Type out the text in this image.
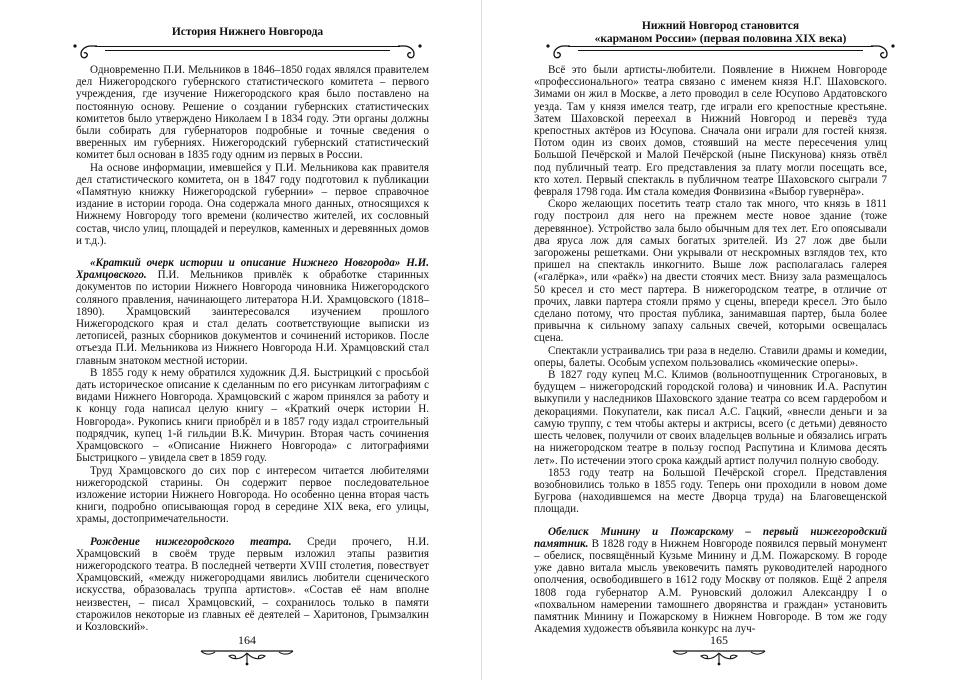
История Нижнего Новгорода

Одновременно П.И. Мельников в 1846–1850 годах являлся правителем дел Нижегородского губернского статистического комитета – первого учреждения, где изучение Нижегородского края было поставлено на постоянную основу. Решение о создании губернских статистических комитетов было утверждено Николаем I в 1834 году. Эти органы должны были собирать для губернаторов подробные и точные сведения о вверенных им губерниях. Нижегородский губернский статистический комитет был основан в 1835 году одним из первых в России.

На основе информации, имевшейся у П.И. Мельникова как правителя дел статистического комитета, он в 1847 году подготовил к публикации «Памятную книжку Нижегородской губернии» – первое справочное издание в истории города. Она содержала много данных, относящихся к Нижнему Новгороду того времени (количество жителей, их сословный состав, число улиц, площадей и переулков, каменных и деревянных домов и т.д.).

«Краткий очерк истории и описание Нижнего Новгорода» Н.И. Храмцовского. П.И. Мельников привлёк к обработке старинных документов по истории Нижнего Новгорода чиновника Нижегородского соляного правления, начинающего литератора Н.И. Храмцовского (1818–1890). Храмцовский заинтересовался изучением прошлого Нижегородского края и стал делать соответствующие выписки из летописей, разных сборников документов и сочинений историков. После отъезда П.И. Мельникова из Нижнего Новгорода Н.И. Храмцовский стал главным знатоком местной истории.

В 1855 году к нему обратился художник Д.Я. Быстрицкий с просьбой дать историческое описание к сделанным по его рисункам литографиям с видами Нижнего Новгорода. Храмцовский с жаром принялся за работу и к концу года написал целую книгу – «Краткий очерк истории Н. Новгорода». Рукопись книги приобрёл и в 1857 году издал строительный подрядчик, купец 1-й гильдии В.К. Мичурин. Вторая часть сочинения Храмцовского – «Описание Нижнего Новгорода» с литографиями Быстрицкого – увидела свет в 1859 году.

Труд Храмцовского до сих пор с интересом читается любителями нижегородской старины. Он содержит первое последовательное изложение истории Нижнего Новгорода. Но особенно ценна вторая часть книги, подробно описывающая город в середине XIX века, его улицы, храмы, достопримечательности.

Рождение нижегородского театра. Среди прочего, Н.И. Храмцовский в своём труде первым изложил этапы развития нижегородского театра. В последней четверти XVIII столетия, повествует Храмцовский, «между нижегородцами явились любители сценического искусства, образовалась труппа артистов». «Состав её нам вполне неизвестен, – писал Храмцовский, – сохранилось только в памяти старожилов некоторые из главных её деятелей – Харитонов, Грымзалкин и Козловский».

164
Нижний Новгород становится
«карманом России» (первая половина XIX века)

Всё это были артисты-любители. Появление в Нижнем Новгороде «профессионального» театра связано с именем князя Н.Г. Шаховского. Зимами он жил в Москве, а лето проводил в селе Юсупово Ардатовского уезда. Там у князя имелся театр, где играли его крепостные крестьяне. Затем Шаховской переехал в Нижний Новгород и перевёз туда крепостных актёров из Юсупова. Сначала они играли для гостей князя. Потом один из своих домов, стоявший на месте пересечения улиц Большой Печёрской и Малой Печёрской (ныне Пискунова) князь отвёл под публичный театр. Его представления за плату могли посещать все, кто хотел. Первый спектакль в публичном театре Шаховского сыграли 7 февраля 1798 года. Им стала комедия Фонвизина «Выбор гувернёра».

Скоро желающих посетить театр стало так много, что князь в 1811 году построил для него на прежнем месте новое здание (тоже деревянное). Устройство зала было обычным для тех лет. Его опоясывали два яруса лож для самых богатых зрителей. Из 27 лож две были загорожены решетками. Они укрывали от нескромных взглядов тех, кто пришел на спектакль инкогнито. Выше лож располагалась галерея («галёрка», или «раёк») на двести стоячих мест. Внизу зала размещалось 50 кресел и сто мест партера. В нижегородском театре, в отличие от прочих, лавки партера стояли прямо у сцены, впереди кресел. Это было сделано потому, что простая публика, занимавшая партер, была более привычна к сильному запаху сальных свечей, которыми освещалась сцена.

Спектакли устраивались три раза в неделю. Ставили драмы и комедии, оперы, балеты. Особым успехом пользовались «комические оперы».

В 1827 году купец М.С. Климов (вольноотпущенник Строгановых, в будущем – нижегородский городской голова) и чиновник И.А. Распутин выкупили у наследников Шаховского здание театра со всем гардеробом и декорациями. Покупатели, как писал А.С. Гацкий, «внесли деньги и за самую труппу, с тем чтобы актеры и актрисы, всего (с детьми) девяносто шесть человек, получили от своих владельцев вольные и обязались играть на нижегородском театре в пользу господ Распутина и Климова десять лет». По истечении этого срока каждый артист получил полную свободу.

1853 году театр на Большой Печёрской сгорел. Представления возобновились только в 1855 году. Теперь они проходили в новом доме Бугрова (находившемся на месте Дворца труда) на Благовещенской площади.

Обелиск Минину и Пожарскому – первый нижегородский памятник. В 1828 году в Нижнем Новгороде появился первый монумент – обелиск, посвящённый Кузьме Минину и Д.М. Пожарскому. В городе уже давно витала мысль увековечить память руководителей народного ополчения, освободившего в 1612 году Москву от поляков. Ещё 2 апреля 1808 года губернатор А.М. Руновский доложил Александру I о «похвальном намерении тамошнего дворянства и граждан» установить памятник Минину и Пожарскому в Нижнем Новгороде. В том же году Академия художеств объявила конкурс на луч-

165
